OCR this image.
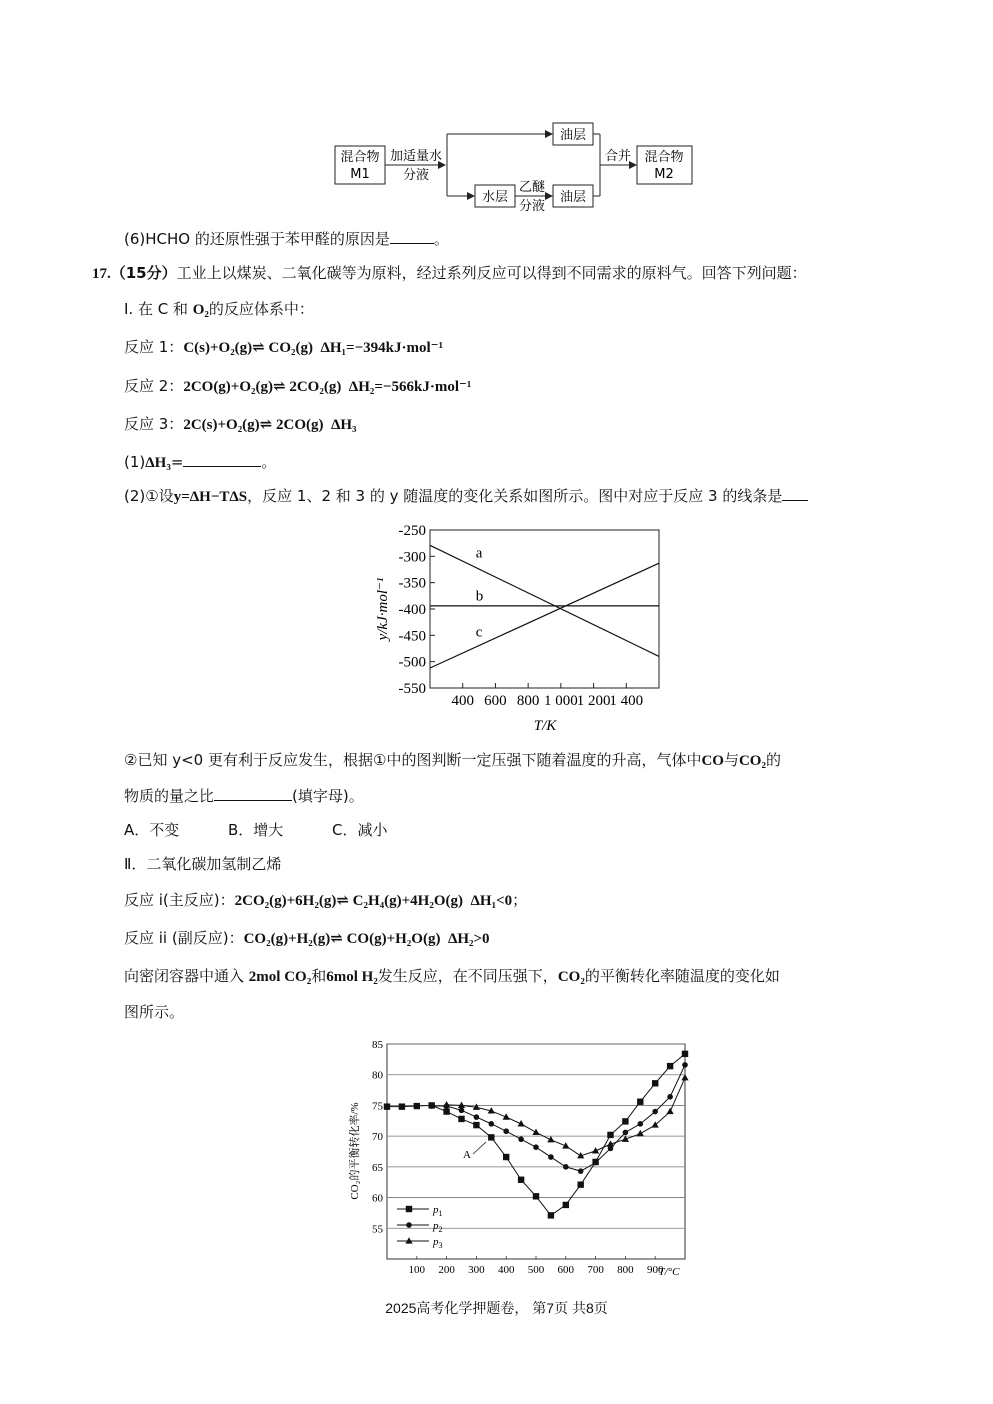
混合物
M1
加适量水
分液
油层
水层
乙醚
分液
油层
合并 混合物
M2
(6)HCHO 的还原性强于苯甲醛的原因是	。
17.（15分）工业上以煤炭、二氧化碳等为原料，经过系列反应可以得到不同需求的原料气。回答下列问题：
Ⅰ. 在 C 和 O₂的反应体系中：
反应 1：C(s)+O₂(g)⇌ CO₂(g)  ΔH₁=−394kJ·mol⁻¹
反应 2：2CO(g)+O₂(g)⇌ 2CO₂(g)  ΔH₂=−566kJ·mol⁻¹
反应 3：2C(s)+O₂(g)⇌ 2CO(g)  ΔH₃
(1)ΔH₃=	。
(2)①设y=ΔH−TΔS，反应 1、2 和 3 的 y 随温度的变化关系如图所示。图中对应于反应 3 的线条是
-250
-300
-350
-400
-450
-500
-550
400 600 800 1 000
1 200
1 400
a
b
c
y/kJ·mol⁻¹
T/K
②已知 y<0 更有利于反应发生，根据①中的图判断一定压强下随着温度的升高，气体中CO与CO₂的
物质的量之比	(填字母)。
A．不变	B．增大	C．减小
Ⅱ．二氧化碳加氢制乙烯
反应 i(主反应)：2CO₂(g)+6H₂(g)⇌ C₂H₄(g)+4H₂O(g)  ΔH₁<0；
反应 ii (副反应)：CO₂(g)+H₂(g)⇌ CO(g)+H₂O(g)  ΔH₂>0
向密闭容器中通入 2mol CO₂和6mol H₂发生反应，在不同压强下，CO₂的平衡转化率随温度的变化如
图所示。
55
60
65
70
75
80
85
100 200 300 400 500 600 700 800 900
$p_1$
$p_2$
$p_3$
CO₂的平衡转化率/%
T/°C
A
2025高考化学押题卷， 第7页 共8页
